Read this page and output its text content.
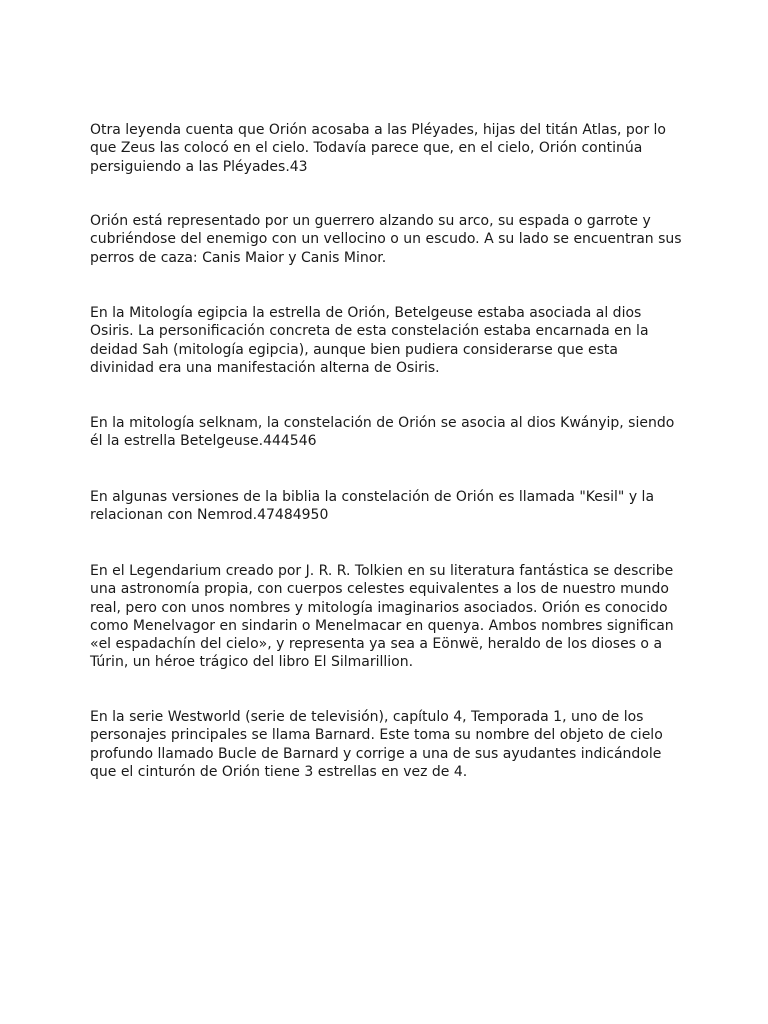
Otra leyenda cuenta que Orión acosaba a las Pléyades, hijas del titán Atlas, por lo
que Zeus las colocó en el cielo. Todavía parece que, en el cielo, Orión continúa
persiguiendo a las Pléyades.43

Orión está representado por un guerrero alzando su arco, su espada o garrote y
cubriéndose del enemigo con un vellocino o un escudo. A su lado se encuentran sus
perros de caza: Canis Maior y Canis Minor.

En la Mitología egipcia la estrella de Orión, Betelgeuse estaba asociada al dios
Osiris. La personificación concreta de esta constelación estaba encarnada en la
deidad Sah (mitología egipcia), aunque bien pudiera considerarse que esta
divinidad era una manifestación alterna de Osiris.

En la mitología selknam, la constelación de Orión se asocia al dios Kwányip, siendo
él la estrella Betelgeuse.444546

En algunas versiones de la biblia la constelación de Orión es llamada "Kesil" y la
relacionan con Nemrod.47484950

En el Legendarium creado por J. R. R. Tolkien en su literatura fantástica se describe
una astronomía propia, con cuerpos celestes equivalentes a los de nuestro mundo
real, pero con unos nombres y mitología imaginarios asociados. Orión es conocido
como Menelvagor en sindarin o Menelmacar en quenya. Ambos nombres significan
«el espadachín del cielo», y representa ya sea a Eönwë, heraldo de los dioses o a
Túrin, un héroe trágico del libro El Silmarillion.

En la serie Westworld (serie de televisión), capítulo 4, Temporada 1, uno de los
personajes principales se llama Barnard. Este toma su nombre del objeto de cielo
profundo llamado Bucle de Barnard y corrige a una de sus ayudantes indicándole
que el cinturón de Orión tiene 3 estrellas en vez de 4.
